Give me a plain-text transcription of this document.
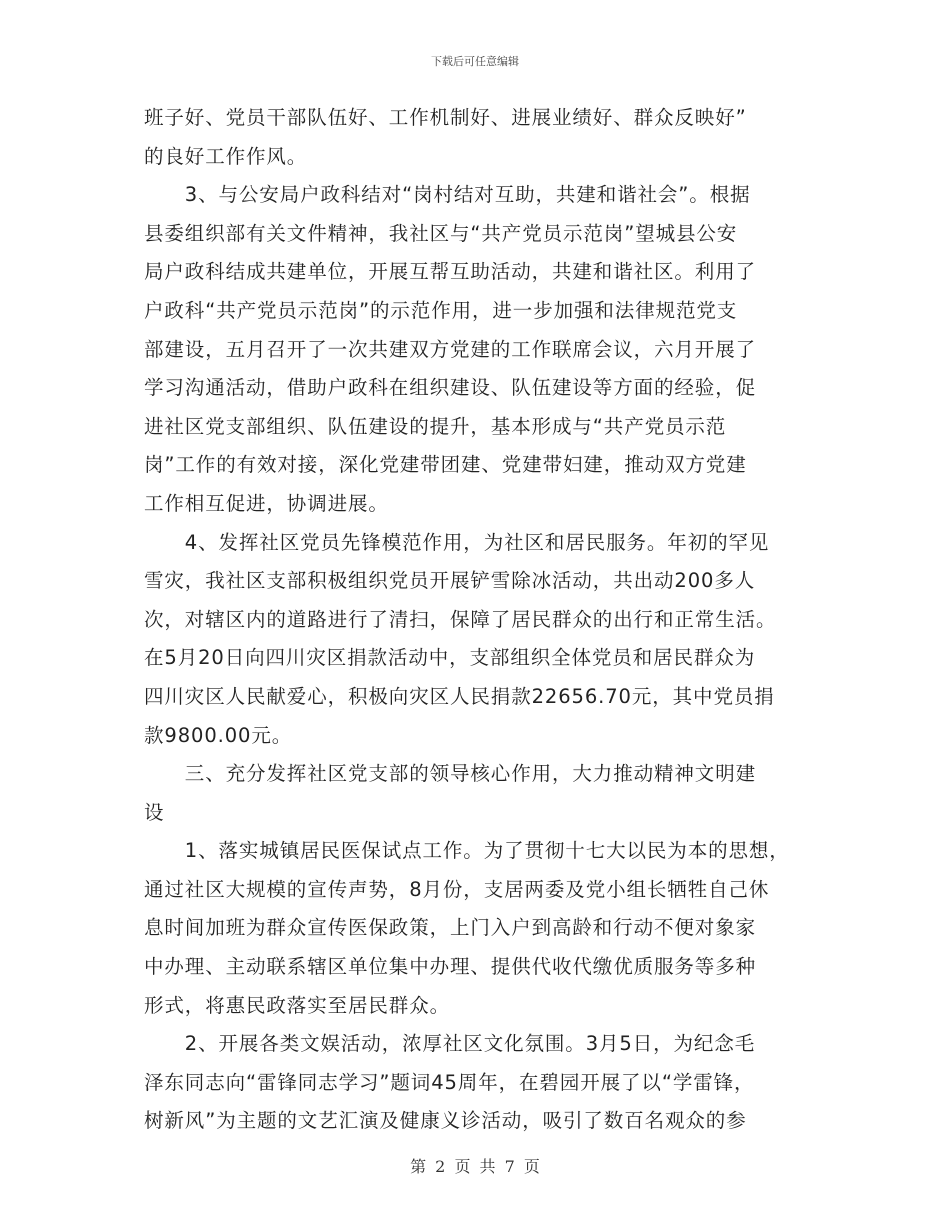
下载后可任意编辑
班子好、党员干部队伍好、工作机制好、进展业绩好、群众反映好”
的良好工作作风。
　　3、与公安局户政科结对“岗村结对互助，共建和谐社会”。根据
县委组织部有关文件精神，我社区与“共产党员示范岗”望城县公安
局户政科结成共建单位，开展互帮互助活动，共建和谐社区。利用了
户政科“共产党员示范岗”的示范作用，进一步加强和法律规范党支
部建设，五月召开了一次共建双方党建的工作联席会议，六月开展了
学习沟通活动，借助户政科在组织建设、队伍建设等方面的经验，促
进社区党支部组织、队伍建设的提升，基本形成与“共产党员示范
岗”工作的有效对接，深化党建带团建、党建带妇建，推动双方党建
工作相互促进，协调进展。
　　4、发挥社区党员先锋模范作用，为社区和居民服务。年初的罕见
雪灾，我社区支部积极组织党员开展铲雪除冰活动，共出动200多人
次，对辖区内的道路进行了清扫，保障了居民群众的出行和正常生活。
在5月20日向四川灾区捐款活动中，支部组织全体党员和居民群众为
四川灾区人民献爱心，积极向灾区人民捐款22656.70元，其中党员捐
款9800.00元。
　　三、充分发挥社区党支部的领导核心作用，大力推动精神文明建
设
　　1、落实城镇居民医保试点工作。为了贯彻十七大以民为本的思想，
通过社区大规模的宣传声势，8月份，支居两委及党小组长牺牲自己休
息时间加班为群众宣传医保政策，上门入户到高龄和行动不便对象家
中办理、主动联系辖区单位集中办理、提供代收代缴优质服务等多种
形式，将惠民政落实至居民群众。
　　2、开展各类文娱活动，浓厚社区文化氛围。3月5日，为纪念毛
泽东同志向“雷锋同志学习”题词45周年，在碧园开展了以“学雷锋，
树新风”为主题的文艺汇演及健康义诊活动，吸引了数百名观众的参
第 2 页 共 7 页
